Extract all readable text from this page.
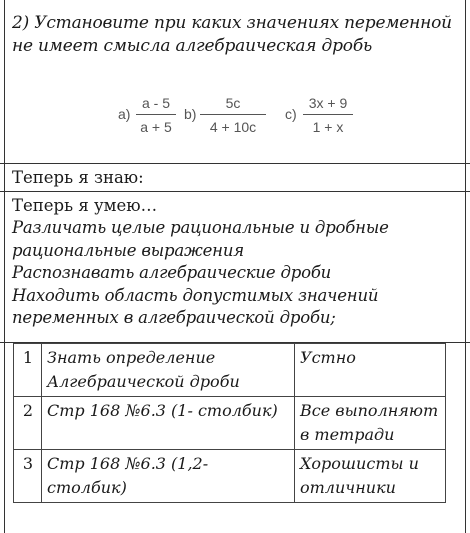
2) Установите при каких значениях переменной не имеет смысла алгебраическая дробь

a)
a - 5
a + 5
b)
5c
4 + 10c
c)
3x + 9
1 + x

Теперь я знаю:

Теперь я умею…

Различать целые рациональные и дробные

рациональные выражения

Распознавать алгебраические дроби

Находить область допустимых значений

переменных в алгебраической дроби;

1	Знать определение Алгебраической дроби	Устно
2	Стр 168 №6.3 (1- столбик)	Все выполняют в тетради
3	Стр 168 №6.3 (1,2- столбик)	Хорошисты и отличники
